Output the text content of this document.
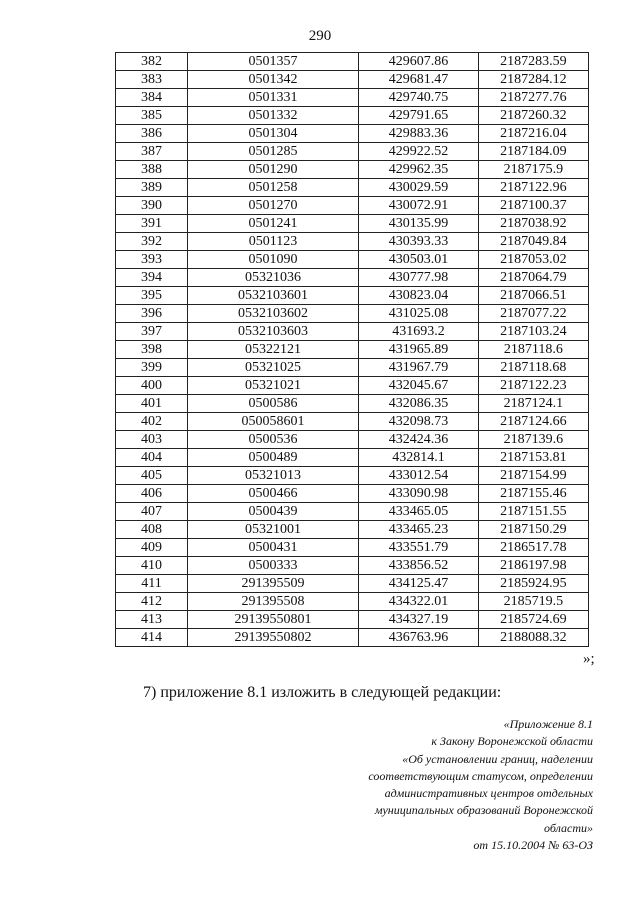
290
382	0501357	429607.86	2187283.59
383	0501342	429681.47	2187284.12
384	0501331	429740.75	2187277.76
385	0501332	429791.65	2187260.32
386	0501304	429883.36	2187216.04
387	0501285	429922.52	2187184.09
388	0501290	429962.35	2187175.9
389	0501258	430029.59	2187122.96
390	0501270	430072.91	2187100.37
391	0501241	430135.99	2187038.92
392	0501123	430393.33	2187049.84
393	0501090	430503.01	2187053.02
394	05321036	430777.98	2187064.79
395	0532103601	430823.04	2187066.51
396	0532103602	431025.08	2187077.22
397	0532103603	431693.2	2187103.24
398	05322121	431965.89	2187118.6
399	05321025	431967.79	2187118.68
400	05321021	432045.67	2187122.23
401	0500586	432086.35	2187124.1
402	050058601	432098.73	2187124.66
403	0500536	432424.36	2187139.6
404	0500489	432814.1	2187153.81
405	05321013	433012.54	2187154.99
406	0500466	433090.98	2187155.46
407	0500439	433465.05	2187151.55
408	05321001	433465.23	2187150.29
409	0500431	433551.79	2186517.78
410	0500333	433856.52	2186197.98
411	291395509	434125.47	2185924.95
412	291395508	434322.01	2185719.5
413	29139550801	434327.19	2185724.69
414	29139550802	436763.96	2188088.32
»;
7) приложение 8.1 изложить в следующей редакции:
«Приложение 8.1
к Закону Воронежской области
«Об установлении границ, наделении
соответствующим статусом, определении
административных центров отдельных
муниципальных образований Воронежской
области»
от 15.10.2004 № 63-ОЗ
